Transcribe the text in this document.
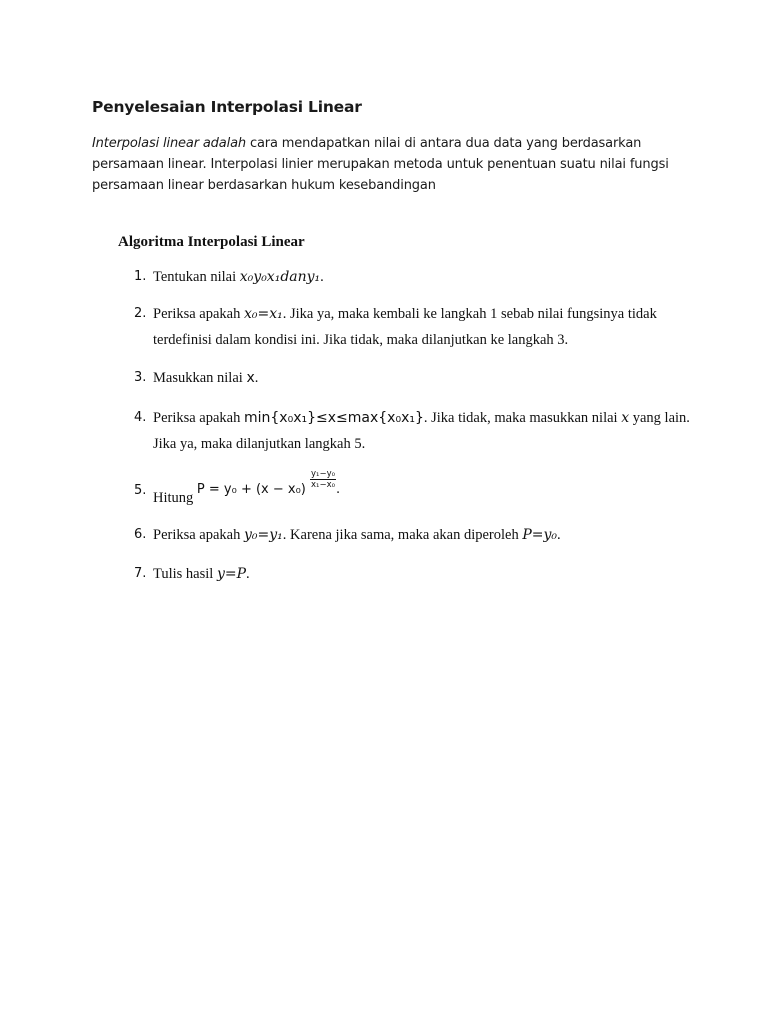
Penyelesaian Interpolasi Linear
Interpolasi linear adalah cara mendapatkan nilai di antara dua data yang berdasarkan persamaan linear. Interpolasi linier merupakan metoda untuk penentuan suatu nilai fungsi persamaan linear berdasarkan hukum kesebandingan
Algoritma Interpolasi Linear
1. Tentukan nilai x₀y₀x₁dany₁.
2. Periksa apakah x₀=x₁. Jika ya, maka kembali ke langkah 1 sebab nilai fungsinya tidak terdefinisi dalam kondisi ini. Jika tidak, maka dilanjutkan ke langkah 3.
3. Masukkan nilai x.
4. Periksa apakah min{x₀x₁}≤x≤max{x₀x₁}. Jika tidak, maka masukkan nilai x yang lain. Jika ya, maka dilanjutkan langkah 5.
5. Hitung $P = y_0 + (x - x_0) \frac{\text{y₁−y₀}}{\text{x₁−x₀}}$ .
6. Periksa apakah y₀=y₁. Karena jika sama, maka akan diperoleh P=y₀.
7. Tulis hasil y=P.
